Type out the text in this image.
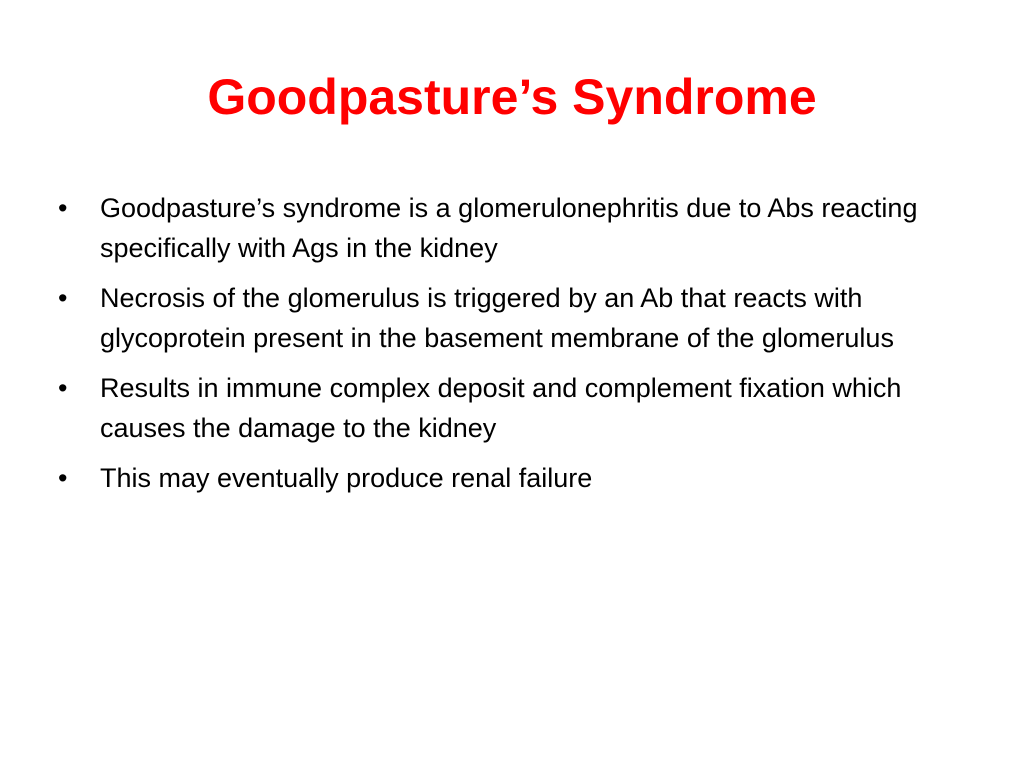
Goodpasture’s Syndrome
•	Goodpasture’s syndrome is a glomerulonephritis due to Abs reacting specifically with Ags in the kidney
•	Necrosis of the glomerulus is triggered by an Ab that reacts with glycoprotein present in the basement membrane of the glomerulus
•	Results in immune complex deposit and complement fixation which causes the damage to the kidney
•	This may eventually produce renal failure
